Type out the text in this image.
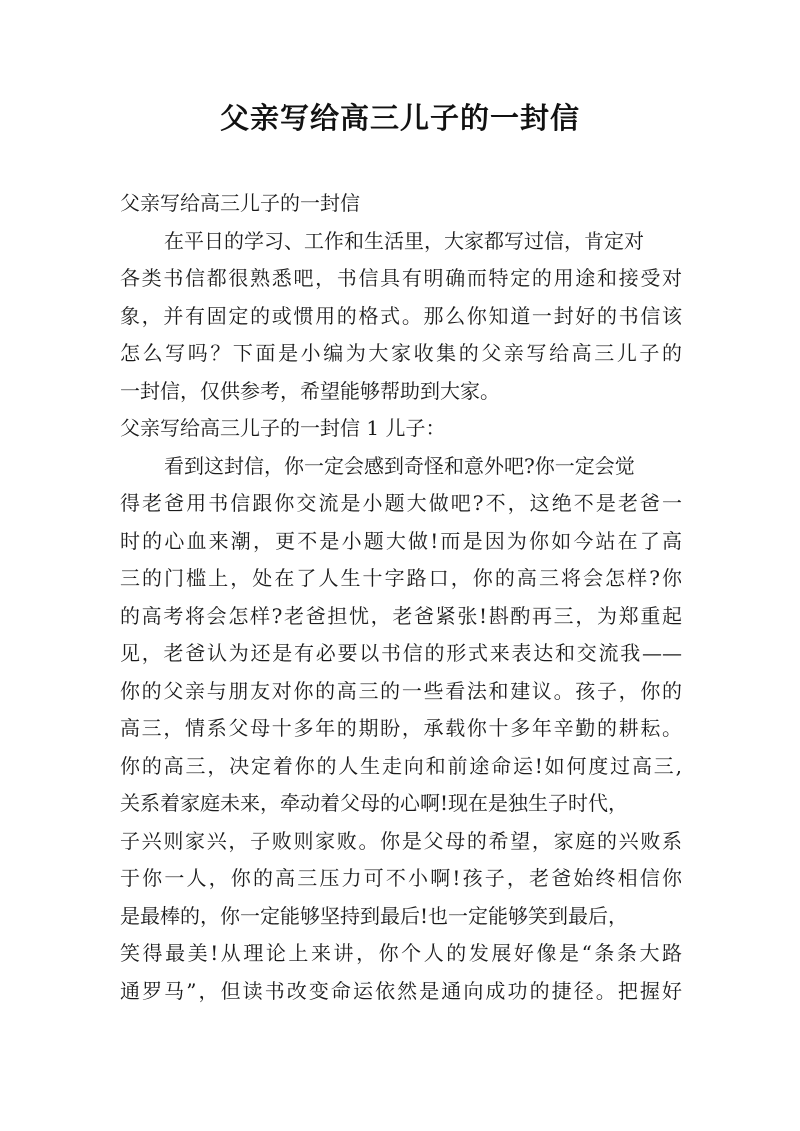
父亲写给高三儿子的一封信

父亲写给高三儿子的一封信

在平日的学习、工作和生活里，大家都写过信，肯定对
各类书信都很熟悉吧，书信具有明确而特定的用途和接受对
象，并有固定的或惯用的格式。那么你知道一封好的书信该
怎么写吗？下面是小编为大家收集的父亲写给高三儿子的
一封信，仅供参考，希望能够帮助到大家。

父亲写给高三儿子的一封信 1 儿子：

看到这封信，你一定会感到奇怪和意外吧?你一定会觉
得老爸用书信跟你交流是小题大做吧?不，这绝不是老爸一
时的心血来潮，更不是小题大做!而是因为你如今站在了高
三的门槛上，处在了人生十字路口，你的高三将会怎样?你
的高考将会怎样?老爸担忧，老爸紧张!斟酌再三，为郑重起
见，老爸认为还是有必要以书信的形式来表达和交流我——
你的父亲与朋友对你的高三的一些看法和建议。孩子，你的
高三，情系父母十多年的期盼，承载你十多年辛勤的耕耘。
你的高三，决定着你的人生走向和前途命运!如何度过高三,
关系着家庭未来，牵动着父母的心啊!现在是独生子时代，
子兴则家兴，子败则家败。你是父母的希望，家庭的兴败系
于你一人，你的高三压力可不小啊!孩子，老爸始终相信你
是最棒的，你一定能够坚持到最后!也一定能够笑到最后，
笑得最美!从理论上来讲，你个人的发展好像是“条条大路
通罗马”，但读书改变命运依然是通向成功的捷径。把握好
